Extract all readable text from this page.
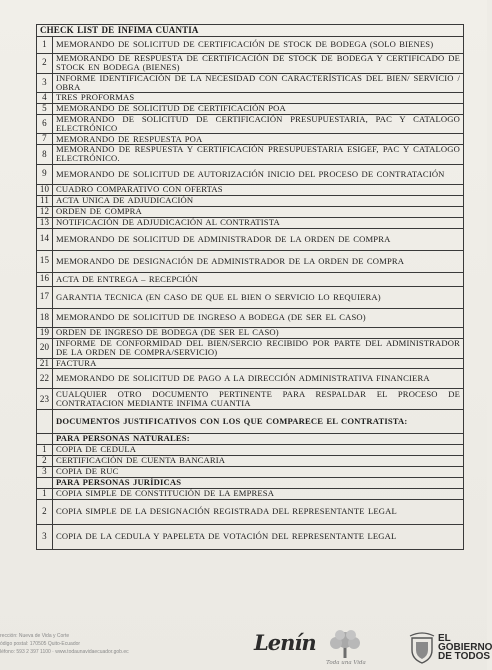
CHECK LIST DE INFIMA CUANTIA	
1	MEMORANDO DE SOLICITUD DE CERTIFICACIÓN DE STOCK DE BODEGA (SOLO BIENES)
2	MEMORANDO DE RESPUESTA DE CERTIFICACIÓN DE STOCK DE BODEGA Y CERTIFICADO DE STOCK EN BODEGA (BIENES)
3	INFORME IDENTIFICACIÓN DE LA NECESIDAD CON CARACTERÍSTICAS DEL BIEN/ SERVICIO / OBRA
4	TRES PROFORMAS
5	MEMORANDO DE SOLICITUD DE CERTIFICACIÓN POA
6	MEMORANDO DE SOLICITUD DE CERTIFICACIÓN PRESUPUESTARIA, PAC Y CATALOGO ELECTRÓNICO
7	MEMORANDO DE RESPUESTA POA
8	MEMORANDO DE RESPUESTA Y CERTIFICACIÓN PRESUPUESTARIA ESIGEF, PAC Y CATALOGO ELECTRÓNICO.
9	MEMORANDO DE SOLICITUD DE AUTORIZACIÓN INICIO DEL PROCESO DE CONTRATACIÓN
10	CUADRO COMPARATIVO CON OFERTAS
11	ACTA UNICA DE ADJUDICACIÓN
12	ORDEN DE COMPRA
13	NOTIFICACIÓN DE ADJUDICACIÓN AL CONTRATISTA
14	MEMORANDO DE SOLICITUD DE ADMINISTRADOR DE LA ORDEN DE COMPRA
15	MEMORANDO DE DESIGNACIÓN DE ADMINISTRADOR DE LA ORDEN DE COMPRA
16	ACTA DE ENTREGA – RECEPCIÓN
17	GARANTIA TECNICA (EN CASO DE QUE EL BIEN O SERVICIO LO REQUIERA)
18	MEMORANDO DE SOLICITUD DE INGRESO A BODEGA (DE SER EL CASO)
19	ORDEN DE INGRESO DE BODEGA (DE SER EL CASO)
20	INFORME DE CONFORMIDAD DEL BIEN/SERCIO RECIBIDO POR PARTE DEL ADMINISTRADOR DE LA ORDEN DE COMPRA/SERVICIO)
21	FACTURA
22	MEMORANDO DE SOLICITUD DE PAGO A LA DIRECCIÓN ADMINISTRATIVA FINANCIERA
23	CUALQUIER OTRO DOCUMENTO PERTINENTE PARA RESPALDAR EL PROCESO DE CONTRATACION MEDIANTE INFIMA CUANTIA
	DOCUMENTOS JUSTIFICATIVOS CON LOS QUE COMPARECE EL CONTRATISTA:
	PARA PERSONAS NATURALES:
1	COPIA DE CEDULA
2	CERTIFICACIÓN DE CUENTA BANCARIA
3	COPIA DE RUC
	PARA PERSONAS JURÍDICAS
1	COPIA SIMPLE DE CONSTITUCIÓN DE LA EMPRESA
2	COPIA SIMPLE DE LA DESIGNACIÓN REGISTRADA DEL REPRESENTANTE LEGAL
3	COPIA DE LA CEDULA Y PAPELETA DE VOTACIÓN DEL REPRESENTANTE LEGAL
rección: Nueva de Vida y Corte
ódigo postal: 170505 Quito-Ecuador
léfono: 593 2 397 1100 · www.todaunavidaecuador.gob.ec	Lenín
Toda una Vida
EL
GOBIERNO
DE TODOS
